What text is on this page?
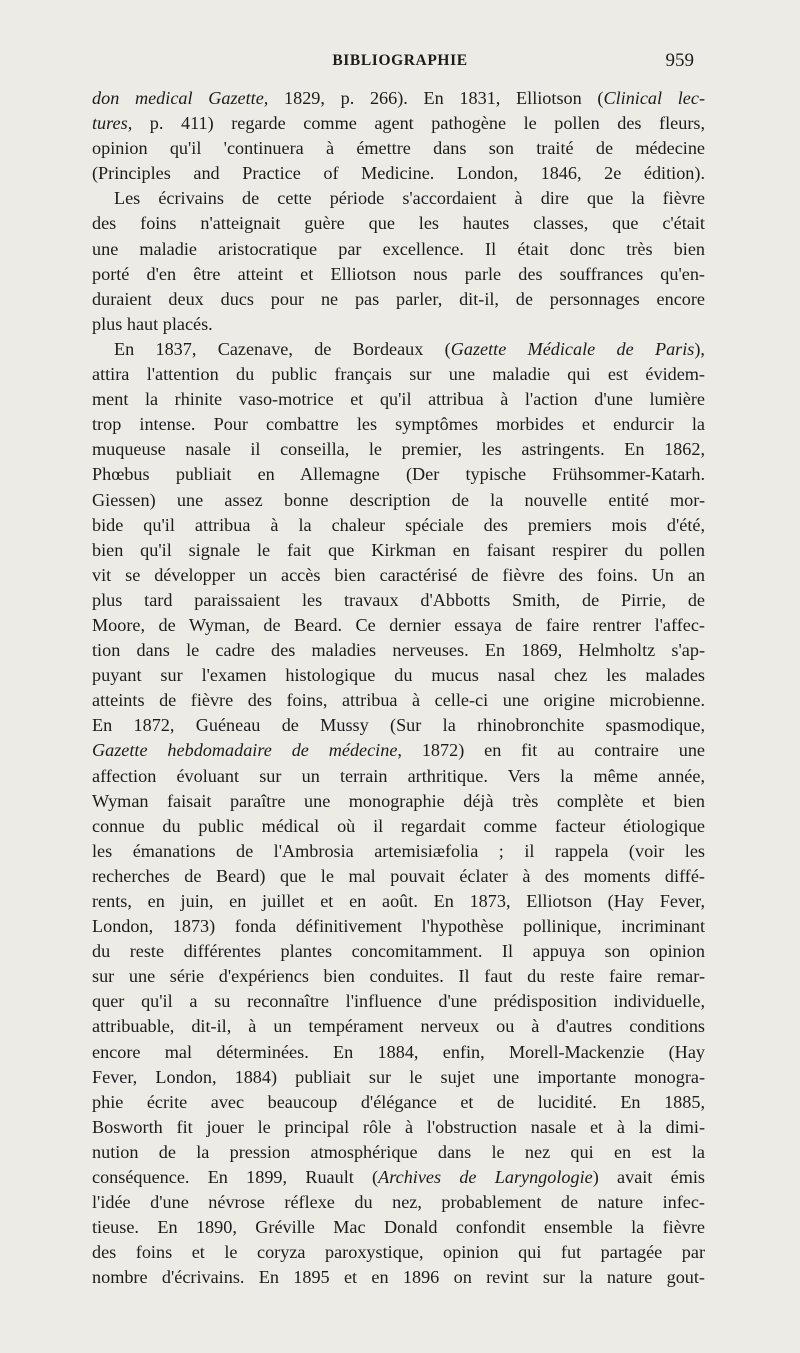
BIBLIOGRAPHIE	959
don medical Gazette, 1829, p. 266). En 1831, Elliotson (Clinical lec-
tures, p. 411) regarde comme agent pathogène le pollen des fleurs,
opinion qu'il 'continuera à émettre dans son traité de médecine
(Principles and Practice of Medicine. London, 1846, 2e édition).
Les écrivains de cette période s'accordaient à dire que la fièvre
des foins n'atteignait guère que les hautes classes, que c'était
une maladie aristocratique par excellence. Il était donc très bien
porté d'en être atteint et Elliotson nous parle des souffrances qu'en-
duraient deux ducs pour ne pas parler, dit-il, de personnages encore
plus haut placés.
En 1837, Cazenave, de Bordeaux (Gazette Médicale de Paris),
attira l'attention du public français sur une maladie qui est évidem-
ment la rhinite vaso-motrice et qu'il attribua à l'action d'une lumière
trop intense. Pour combattre les symptômes morbides et endurcir la
muqueuse nasale il conseilla, le premier, les astringents. En 1862,
Phœbus publiait en Allemagne (Der typische Frühsommer-Katarh.
Giessen) une assez bonne description de la nouvelle entité mor-
bide qu'il attribua à la chaleur spéciale des premiers mois d'été,
bien qu'il signale le fait que Kirkman en faisant respirer du pollen
vit se développer un accès bien caractérisé de fièvre des foins. Un an
plus tard paraissaient les travaux d'Abbotts Smith, de Pirrie, de
Moore, de Wyman, de Beard. Ce dernier essaya de faire rentrer l'affec-
tion dans le cadre des maladies nerveuses. En 1869, Helmholtz s'ap-
puyant sur l'examen histologique du mucus nasal chez les malades
atteints de fièvre des foins, attribua à celle-ci une origine microbienne.
En 1872, Guéneau de Mussy (Sur la rhinobronchite spasmodique,
Gazette hebdomadaire de médecine, 1872) en fit au contraire une
affection évoluant sur un terrain arthritique. Vers la même année,
Wyman faisait paraître une monographie déjà très complète et bien
connue du public médical où il regardait comme facteur étiologique
les émanations de l'Ambrosia artemisiæfolia ; il rappela (voir les
recherches de Beard) que le mal pouvait éclater à des moments diffé-
rents, en juin, en juillet et en août. En 1873, Elliotson (Hay Fever,
London, 1873) fonda définitivement l'hypothèse pollinique, incriminant
du reste différentes plantes concomitamment. Il appuya son opinion
sur une série d'expériencs bien conduites. Il faut du reste faire remar-
quer qu'il a su reconnaître l'influence d'une prédisposition individuelle,
attribuable, dit-il, à un tempérament nerveux ou à d'autres conditions
encore mal déterminées. En 1884, enfin, Morell-Mackenzie (Hay
Fever, London, 1884) publiait sur le sujet une importante monogra-
phie écrite avec beaucoup d'élégance et de lucidité. En 1885,
Bosworth fit jouer le principal rôle à l'obstruction nasale et à la dimi-
nution de la pression atmosphérique dans le nez qui en est la
conséquence. En 1899, Ruault (Archives de Laryngologie) avait émis
l'idée d'une névrose réflexe du nez, probablement de nature infec-
tieuse. En 1890, Gréville Mac Donald confondit ensemble la fièvre
des foins et le coryza paroxystique, opinion qui fut partagée par
nombre d'écrivains. En 1895 et en 1896 on revint sur la nature gout-
